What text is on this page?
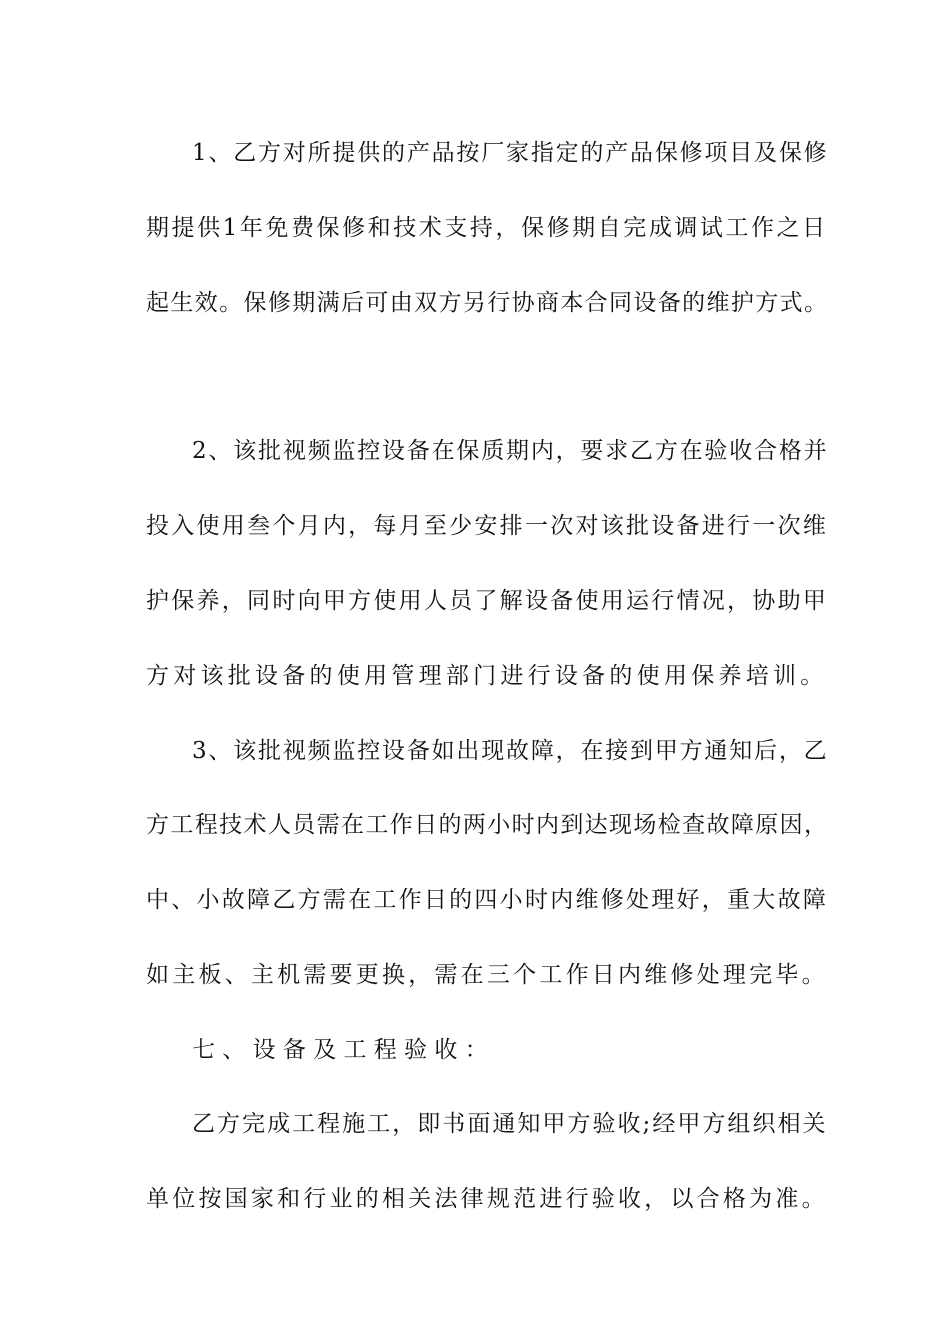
1、乙方对所提供的产品按厂家指定的产品保修项目及保修
期提供1年免费保修和技术支持，保修期自完成调试工作之日
起生效。保修期满后可由双方另行协商本合同设备的维护方式。
2、该批视频监控设备在保质期内，要求乙方在验收合格并
投入使用叁个月内，每月至少安排一次对该批设备进行一次维
护保养，同时向甲方使用人员了解设备使用运行情况，协助甲
方对该批设备的使用管理部门进行设备的使用保养培训。
3、该批视频监控设备如出现故障，在接到甲方通知后，乙
方工程技术人员需在工作日的两小时内到达现场检查故障原因，
中、小故障乙方需在工作日的四小时内维修处理好，重大故障
如主板、主机需要更换，需在三个工作日内维修处理完毕。
七、设备及工程验收：
乙方完成工程施工，即书面通知甲方验收;经甲方组织相关
单位按国家和行业的相关法律规范进行验收，以合格为准。
